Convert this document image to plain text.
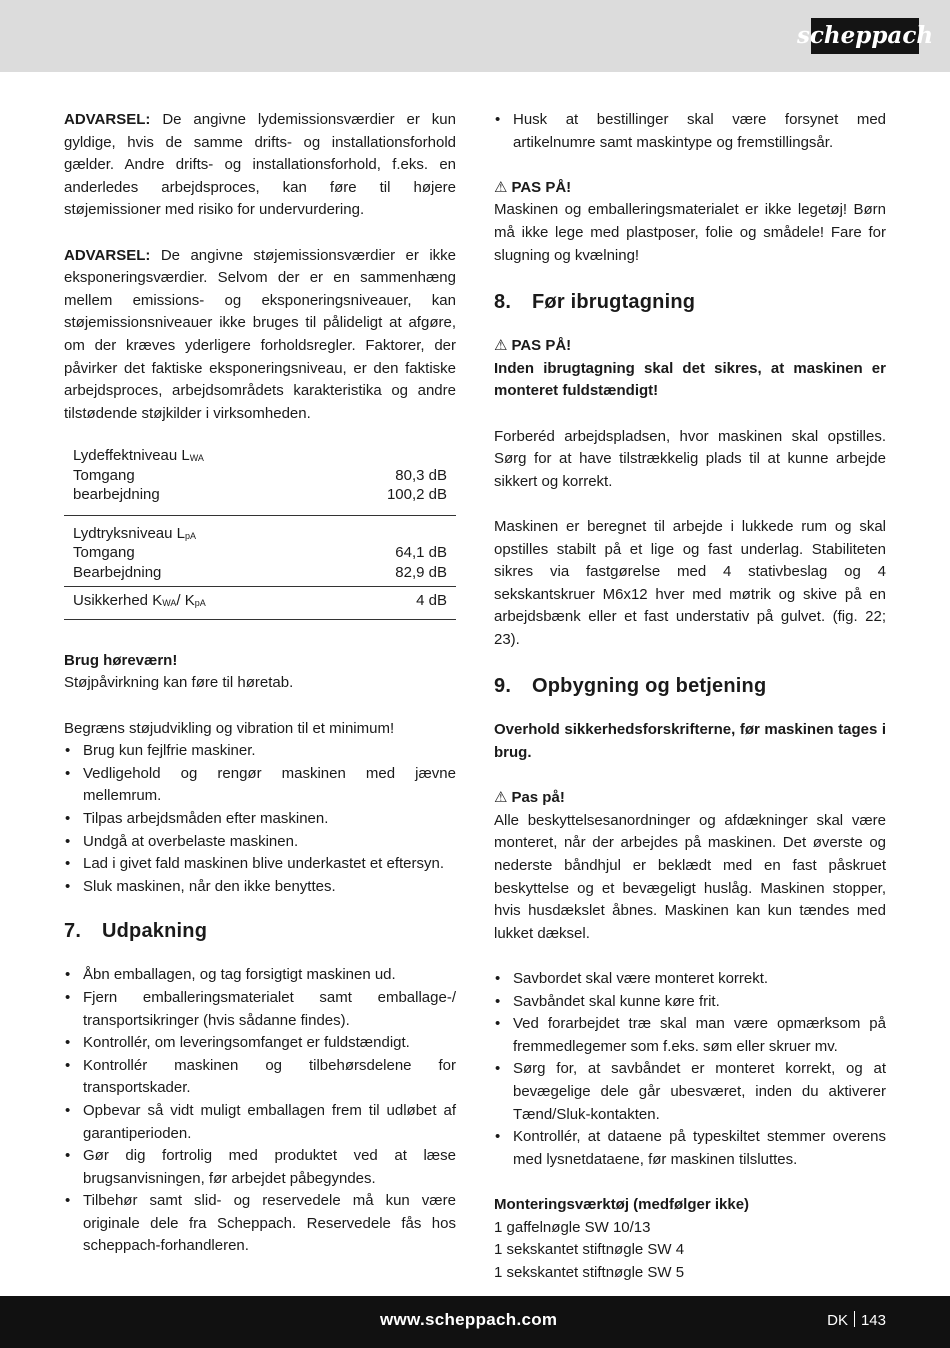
scheppach

ADVARSEL: De angivne lydemissionsværdier er kun gyldige, hvis de samme drifts- og installationsforhold gælder. Andre drifts- og installationsforhold, f.eks. en anderledes arbejdsproces, kan føre til højere støjemissioner med risiko for undervurdering.

ADVARSEL: De angivne støjemissionsværdier er ikke eksponeringsværdier. Selvom der er en sammenhæng mellem emissions- og eksponeringsniveauer, kan støjemissionsniveauer ikke bruges til pålideligt at afgøre, om der kræves yderligere forholdsregler. Faktorer, der påvirker det faktiske eksponeringsniveau, er den faktiske arbejdsproces, arbejdsområdets karakteristika og andre tilstødende støjkilder i virksomheden.

Lydeffektniveau $L_{WA}$
Tomgang	80,3 dB
bearbejdning	100,2 dB
Lydtryksniveau $L_{pA}$
Tomgang	64,1 dB
Bearbejdning	82,9 dB
Usikkerhed $K_{WA}/$ $K_{pA}$	4 dB

Brug høreværn!

Støjpåvirkning kan føre til høretab.

Begræns støjudvikling og vibration til et minimum!

• Brug kun fejlfrie maskiner.
• Vedligehold og rengør maskinen med jævne mellemrum.
• Tilpas arbejdsmåden efter maskinen.
• Undgå at overbelaste maskinen.
• Lad i givet fald maskinen blive underkastet et eftersyn.
• Sluk maskinen, når den ikke benyttes.
7. Udpakning
• Åbn emballagen, og tag forsigtigt maskinen ud.
• Fjern emballeringsmaterialet samt emballage-/ transportsikringer (hvis sådanne findes).
• Kontrollér, om leveringsomfanget er fuldstændigt.
• Kontrollér maskinen og tilbehørsdelene for transportskader.
• Opbevar så vidt muligt emballagen frem til udløbet af garantiperioden.
• Gør dig fortrolig med produktet ved at læse brugsanvisningen, før arbejdet påbegyndes.
• Tilbehør samt slid- og reservedele må kun være originale dele fra Scheppach. Reservedele fås hos scheppach-forhandleren.
• Husk at bestillinger skal være forsynet med artikelnumre samt maskintype og fremstillingsår.

⚠ PAS PÅ!

Maskinen og emballeringsmaterialet er ikke legetøj! Børn må ikke lege med plastposer, folie og smådele! Fare for slugning og kvælning!

8. Før ibrugtagning

⚠ PAS PÅ!

Inden ibrugtagning skal det sikres, at maskinen er monteret fuldstændigt!

Forberéd arbejdspladsen, hvor maskinen skal opstilles. Sørg for at have tilstrækkelig plads til at kunne arbejde sikkert og korrekt.

Maskinen er beregnet til arbejde i lukkede rum og skal opstilles stabilt på et lige og fast underlag. Stabiliteten sikres via fastgørelse med 4 stativbeslag og 4 sekskantskruer M6x12 hver med møtrik og skive på en arbejdsbænk eller et fast understativ på gulvet. (fig. 22; 23).

9. Opbygning og betjening

Overhold sikkerhedsforskrifterne, før maskinen tages i brug.

⚠ Pas på!

Alle beskyttelsesanordninger og afdækninger skal være monteret, når der arbejdes på maskinen. Det øverste og nederste båndhjul er beklædt med en fast påskruet beskyttelse og et bevægeligt huslåg. Maskinen stopper, hvis husdækslet åbnes. Maskinen kan kun tændes med lukket dæksel.

• Savbordet skal være monteret korrekt.
• Savbåndet skal kunne køre frit.
• Ved forarbejdet træ skal man være opmærksom på fremmedlegemer som f.eks. søm eller skruer mv.
• Sørg for, at savbåndet er monteret korrekt, og at bevægelige dele går ubesværet, inden du aktiverer Tænd/Sluk-kontakten.
• Kontrollér, at dataene på typeskiltet stemmer overens med lysnetdataene, før maskinen tilsluttes.

Monteringsværktøj (medfølger ikke)

1 gaffelnøgle SW 10/13

1 sekskantet stiftnøgle SW 4

1 sekskantet stiftnøgle SW 5

www.scheppach.com	DK 143
